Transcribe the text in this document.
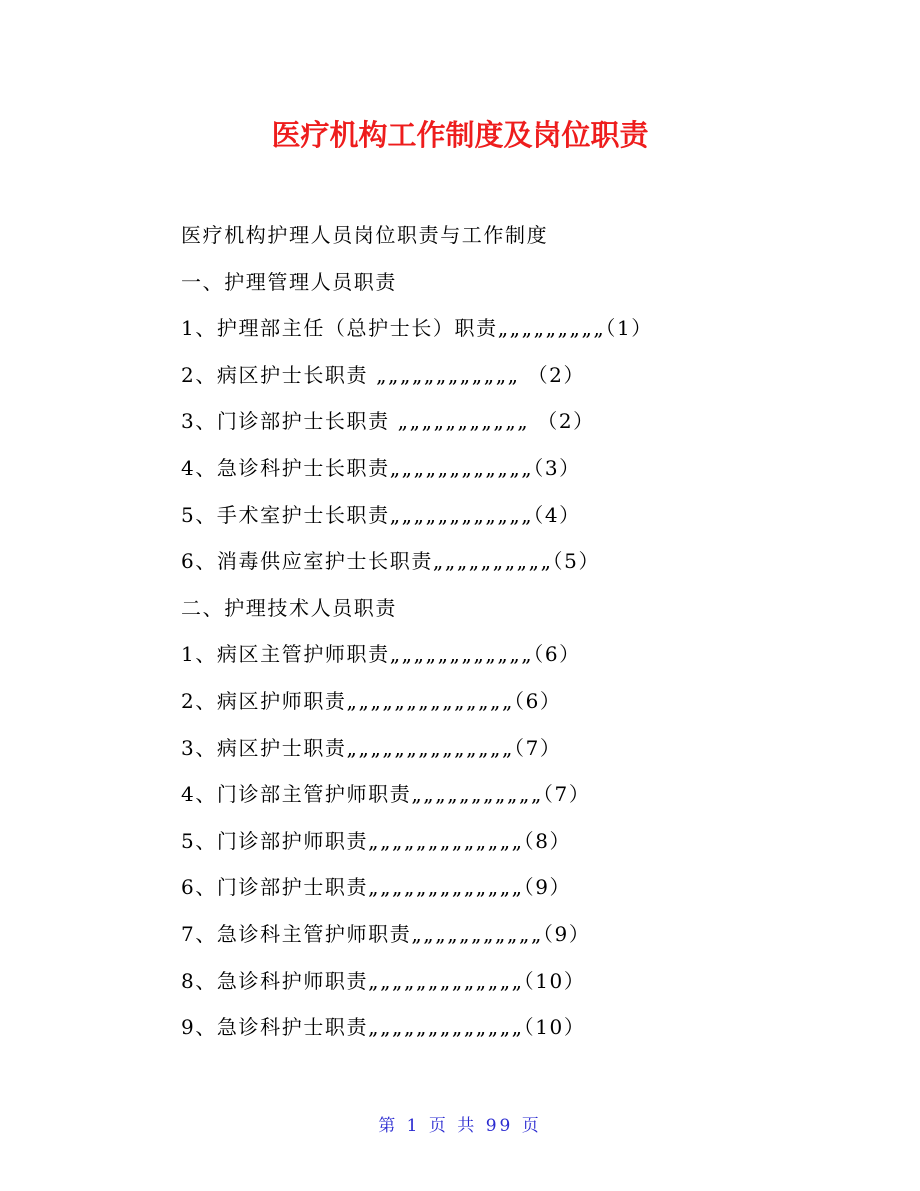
医疗机构工作制度及岗位职责
医疗机构护理人员岗位职责与工作制度
一、护理管理人员职责
1、护理部主任（总护士长）职责„„„„„„„„„（1）
2、病区护士长职责 „„„„„„„„„„„„ （2）
3、门诊部护士长职责 „„„„„„„„„„„ （2）
4、急诊科护士长职责„„„„„„„„„„„„（3）
5、手术室护士长职责„„„„„„„„„„„„（4）
6、消毒供应室护士长职责„„„„„„„„„„（5）
二、护理技术人员职责
1、病区主管护师职责„„„„„„„„„„„„（6）
2、病区护师职责„„„„„„„„„„„„„„（6）
3、病区护士职责„„„„„„„„„„„„„„（7）
4、门诊部主管护师职责„„„„„„„„„„„（7）
5、门诊部护师职责„„„„„„„„„„„„„（8）
6、门诊部护士职责„„„„„„„„„„„„„（9）
7、急诊科主管护师职责„„„„„„„„„„„（9）
8、急诊科护师职责„„„„„„„„„„„„„（10）
9、急诊科护士职责„„„„„„„„„„„„„（10）
第 1 页 共 99 页
